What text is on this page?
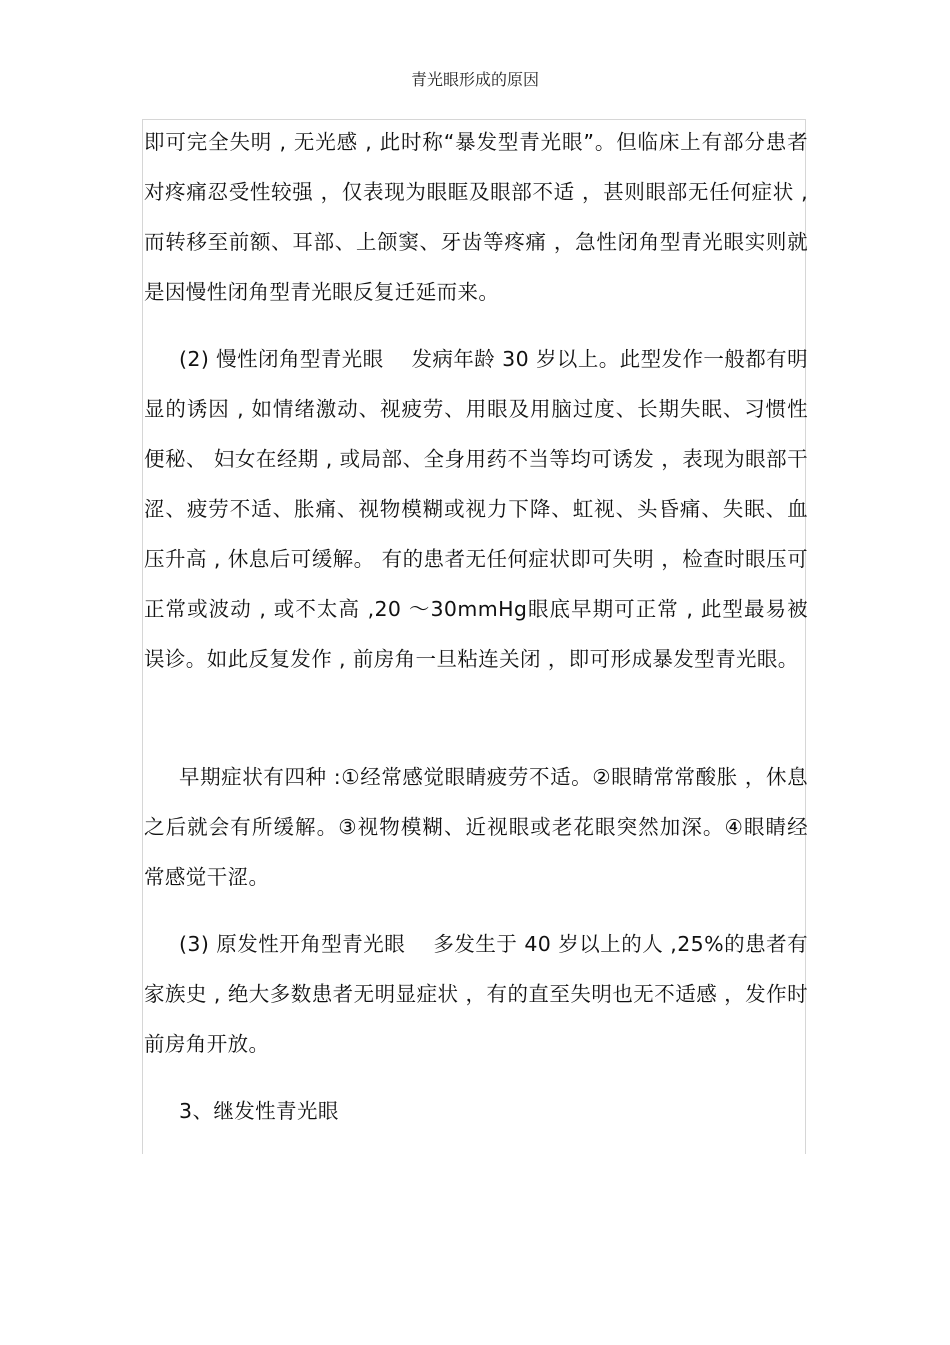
青光眼形成的原因

即可完全失明 , 无光感 , 此时称“暴发型青光眼”。但临床上有部分患者对疼痛忍受性较强 ，仅表现为眼眶及眼部不适 ，甚则眼部无任何症状 , 而转移至前额、耳部、上颌窦、牙齿等疼痛 ，急性闭角型青光眼实则就是因慢性闭角型青光眼反复迁延而来。

(2) 慢性闭角型青光眼　 发病年龄 30 岁以上。此型发作一般都有明显的诱因 , 如情绪激动、视疲劳、用眼及用脑过度、长期失眠、习惯性便秘、 妇女在经期 , 或局部、全身用药不当等均可诱发 ，表现为眼部干涩、疲劳不适、胀痛、视物模糊或视力下降、虹视、头昏痛、失眠、血压升高 , 休息后可缓解。 有的患者无任何症状即可失明 ，检查时眼压可正常或波动 , 或不太高 ,20 ～30mmHg眼底早期可正常 , 此型最易被误诊。如此反复发作 , 前房角一旦粘连关闭 ，即可形成暴发型青光眼。

早期症状有四种 :①经常感觉眼睛疲劳不适。②眼睛常常酸胀 ，休息之后就会有所缓解。③视物模糊、近视眼或老花眼突然加深。④眼睛经常感觉干涩。

(3) 原发性开角型青光眼　 多发生于 40 岁以上的人 ,25%的患者有家族史 , 绝大多数患者无明显症状 ，有的直至失明也无不适感 ，发作时前房角开放。

3、继发性青光眼
